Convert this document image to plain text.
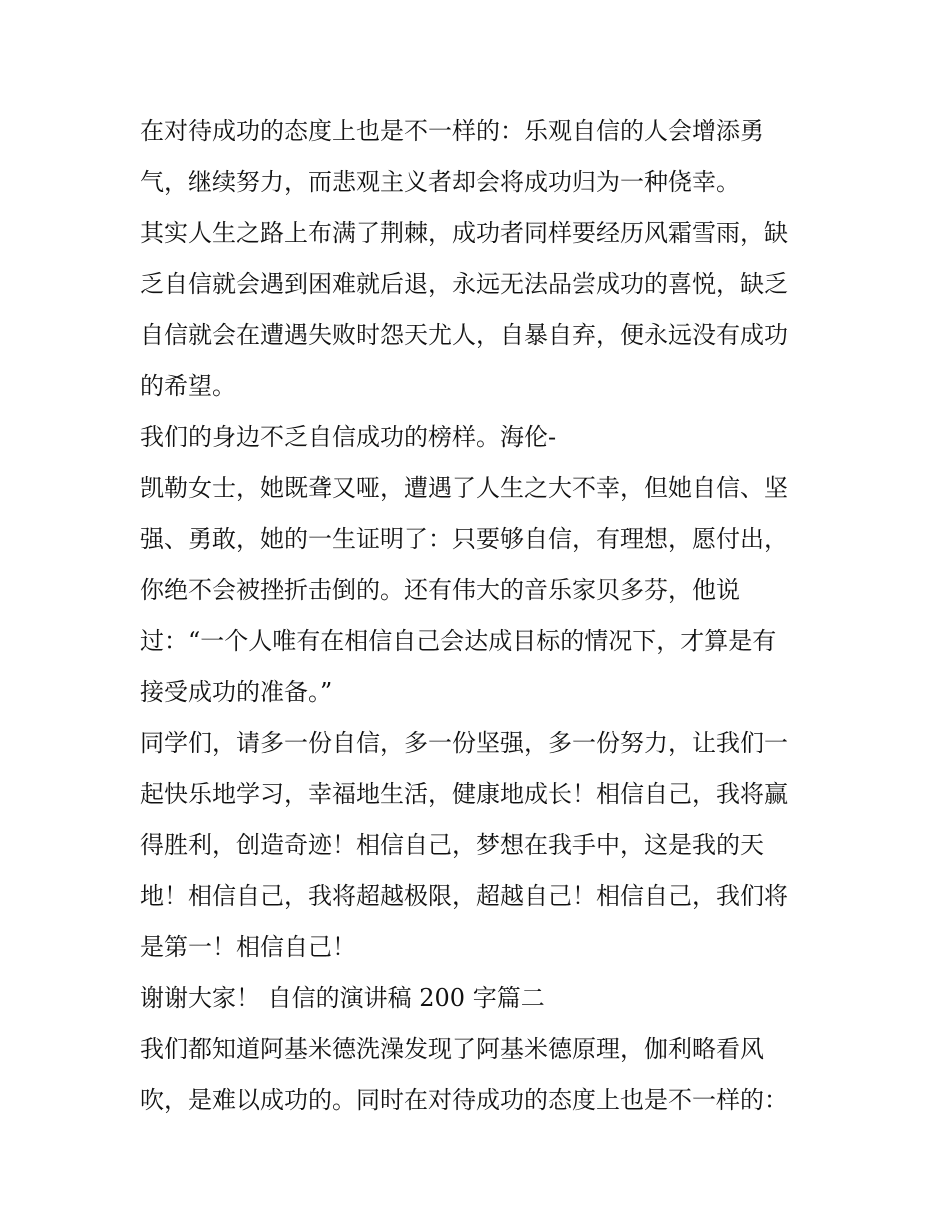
在对待成功的态度上也是不一样的：乐观自信的人会增添勇
气，继续努力，而悲观主义者却会将成功归为一种侥幸。
其实人生之路上布满了荆棘，成功者同样要经历风霜雪雨，缺
乏自信就会遇到困难就后退，永远无法品尝成功的喜悦，缺乏
自信就会在遭遇失败时怨天尤人，自暴自弃，便永远没有成功
的希望。
我们的身边不乏自信成功的榜样。海伦-
凯勒女士，她既聋又哑，遭遇了人生之大不幸，但她自信、坚
强、勇敢，她的一生证明了：只要够自信，有理想，愿付出，
你绝不会被挫折击倒的。还有伟大的音乐家贝多芬，他说
过：“一个人唯有在相信自己会达成目标的情况下，才算是有
接受成功的准备。”
同学们，请多一份自信，多一份坚强，多一份努力，让我们一
起快乐地学习，幸福地生活，健康地成长！相信自己，我将赢
得胜利，创造奇迹！相信自己，梦想在我手中，这是我的天
地！相信自己，我将超越极限，超越自己！相信自己，我们将
是第一！相信自己！
谢谢大家！ 自信的演讲稿 200 字篇二
我们都知道阿基米德洗澡发现了阿基米德原理，伽利略看风
吹，是难以成功的。同时在对待成功的态度上也是不一样的：
